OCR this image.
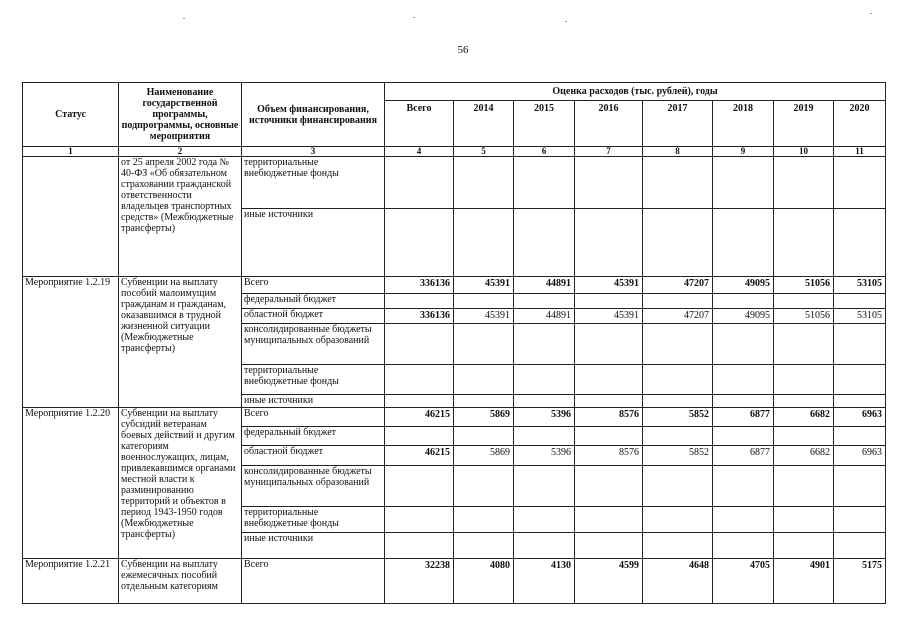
56
Статус	Наименование государственной программы, подпрограммы, основные мероприятия	Объем финансирования, источники финансирования	Оценка расходов (тыс. рублей), годы							
			Всего	2014	2015	2016	2017	2018	2019	2020
1	2	3	4	5	6	7	8	9	10	11
	от 25 апреля 2002 года № 40-ФЗ «Об обязательном страховании гражданской ответственности владельцев транспортных средств» (Межбюджетные трансферты)	территориальные внебюджетные фонды								
		иные источники								
Мероприятие 1.2.19	Субвенции на выплату пособий малоимущим гражданам и гражданам, оказавшимся в трудной жизненной ситуации (Межбюджетные трансферты)	Всего	336136	45391	44891	45391	47207	49095	51056	53105
		федеральный бюджет								
		областной бюджет	336136	45391	44891	45391	47207	49095	51056	53105
		консолидированные бюджеты муниципальных образований								
		территориальные внебюджетные фонды								
		иные источники								
Мероприятие 1.2.20	Субвенции на выплату субсидий ветеранам боевых действий и другим категориям военнослужащих, лицам, привлекавшимся органами местной власти к разминированию территорий и объектов в период 1943-1950 годов (Межбюджетные трансферты)	Всего	46215	5869	5396	8576	5852	6877	6682	6963
		федеральный бюджет								
		областной бюджет	46215	5869	5396	8576	5852	6877	6682	6963
		консолидированные бюджеты муниципальных образований								
		территориальные внебюджетные фонды								
		иные источники								
Мероприятие 1.2.21	Субвенции на выплату ежемесячных пособий отдельным категориям	Всего	32238	4080	4130	4599	4648	4705	4901	5175
